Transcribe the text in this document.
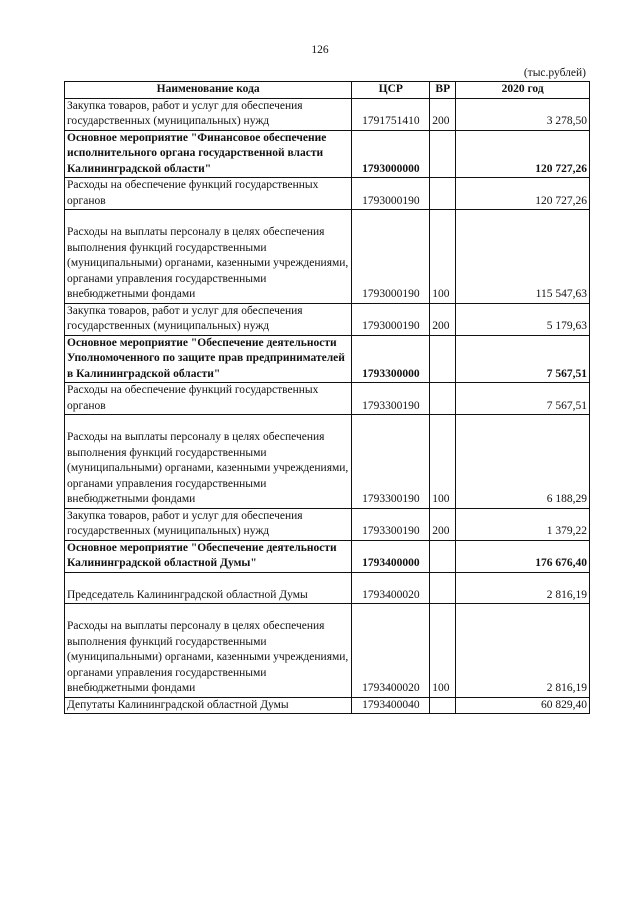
126
(тыс.рублей)
Наименование кода	ЦСР	ВР	2020 год
Закупка товаров, работ и услуг для обеспечения государственных (муниципальных) нужд	1791751410	200	3 278,50
Основное мероприятие "Финансовое обеспечение исполнительного органа государственной власти Калининградской области"	1793000000		120 727,26
Расходы на обеспечение функций государственных органов	1793000190		120 727,26
Расходы на выплаты персоналу в целях обеспечения выполнения функций государственными (муниципальными) органами, казенными учреждениями, органами управления государственными внебюджетными фондами	1793000190	100	115 547,63
Закупка товаров, работ и услуг для обеспечения государственных (муниципальных) нужд	1793000190	200	5 179,63
Основное мероприятие "Обеспечение деятельности Уполномоченного по защите прав предпринимателей в Калининградской области"	1793300000		7 567,51
Расходы на обеспечение функций государственных органов	1793300190		7 567,51
Расходы на выплаты персоналу в целях обеспечения выполнения функций государственными (муниципальными) органами, казенными учреждениями, органами управления государственными внебюджетными фондами	1793300190	100	6 188,29
Закупка товаров, работ и услуг для обеспечения государственных (муниципальных) нужд	1793300190	200	1 379,22
Основное мероприятие "Обеспечение деятельности Калининградской областной Думы"	1793400000		176 676,40
Председатель Калининградской областной Думы	1793400020		2 816,19
Расходы на выплаты персоналу в целях обеспечения выполнения функций государственными (муниципальными) органами, казенными учреждениями, органами управления государственными внебюджетными фондами	1793400020	100	2 816,19
Депутаты Калининградской областной Думы	1793400040		60 829,40
